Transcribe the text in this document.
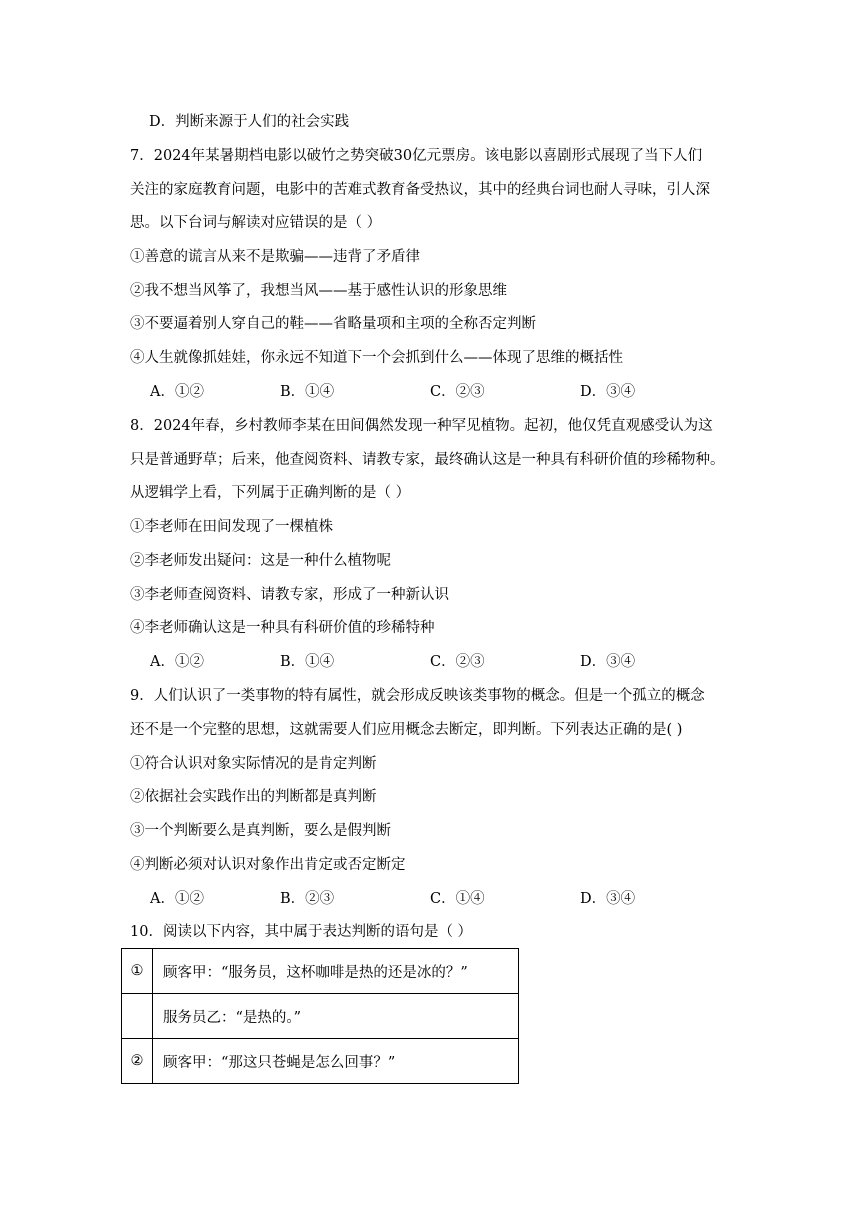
D．判断来源于人们的社会实践
7．2024年某暑期档电影以破竹之势突破30亿元票房。该电影以喜剧形式展现了当下人们
关注的家庭教育问题，电影中的苦难式教育备受热议，其中的经典台词也耐人寻味，引人深
思。以下台词与解读对应错误的是（ ）
①善意的谎言从来不是欺骗——违背了矛盾律
②我不想当风筝了，我想当风——基于感性认识的形象思维
③不要逼着别人穿自己的鞋——省略量项和主项的全称否定判断
④人生就像抓娃娃，你永远不知道下一个会抓到什么——体现了思维的概括性
A．①②	B．①④	C．②③	D．③④
8．2024年春，乡村教师李某在田间偶然发现一种罕见植物。起初，他仅凭直观感受认为这
只是普通野草；后来，他查阅资料、请教专家，最终确认这是一种具有科研价值的珍稀物种。
从逻辑学上看，下列属于正确判断的是（ ）
①李老师在田间发现了一棵植株
②李老师发出疑问：这是一种什么植物呢
③李老师查阅资料、请教专家，形成了一种新认识
④李老师确认这是一种具有科研价值的珍稀特种
A．①②	B．①④	C．②③	D．③④
9．人们认识了一类事物的特有属性，就会形成反映该类事物的概念。但是一个孤立的概念
还不是一个完整的思想，这就需要人们应用概念去断定，即判断。下列表达正确的是( )
①符合认识对象实际情况的是肯定判断
②依据社会实践作出的判断都是真判断
③一个判断要么是真判断，要么是假判断
④判断必须对认识对象作出肯定或否定断定
A．①②	B．②③	C．①④	D．③④
10．阅读以下内容，其中属于表达判断的语句是（ ）
①	顾客甲：“服务员，这杯咖啡是热的还是冰的？”
	服务员乙：“是热的。”
②	顾客甲：“那这只苍蝇是怎么回事？”
